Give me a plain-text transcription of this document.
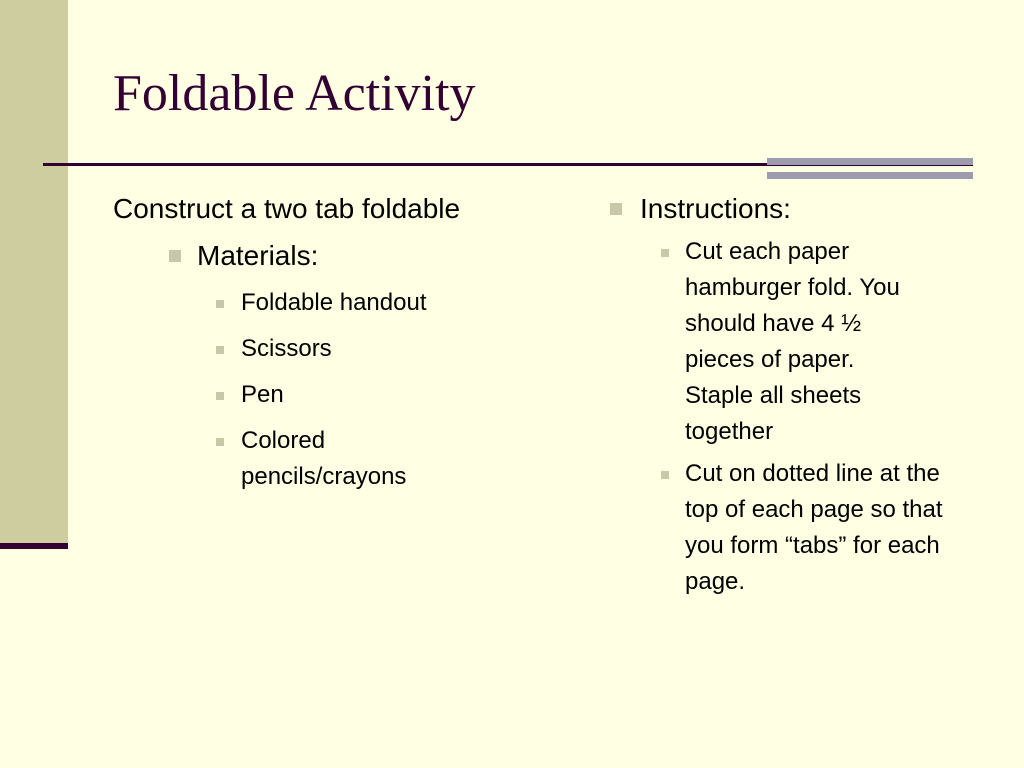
Foldable Activity
Construct a two tab foldable
Materials:
Foldable handout
Scissors
Pen
Colored pencils/crayons
Instructions:
Cut each paper hamburger fold. You should have 4 ½ pieces of paper. Staple all sheets together
Cut on dotted line at the top of each page so that you form “tabs” for each page.
